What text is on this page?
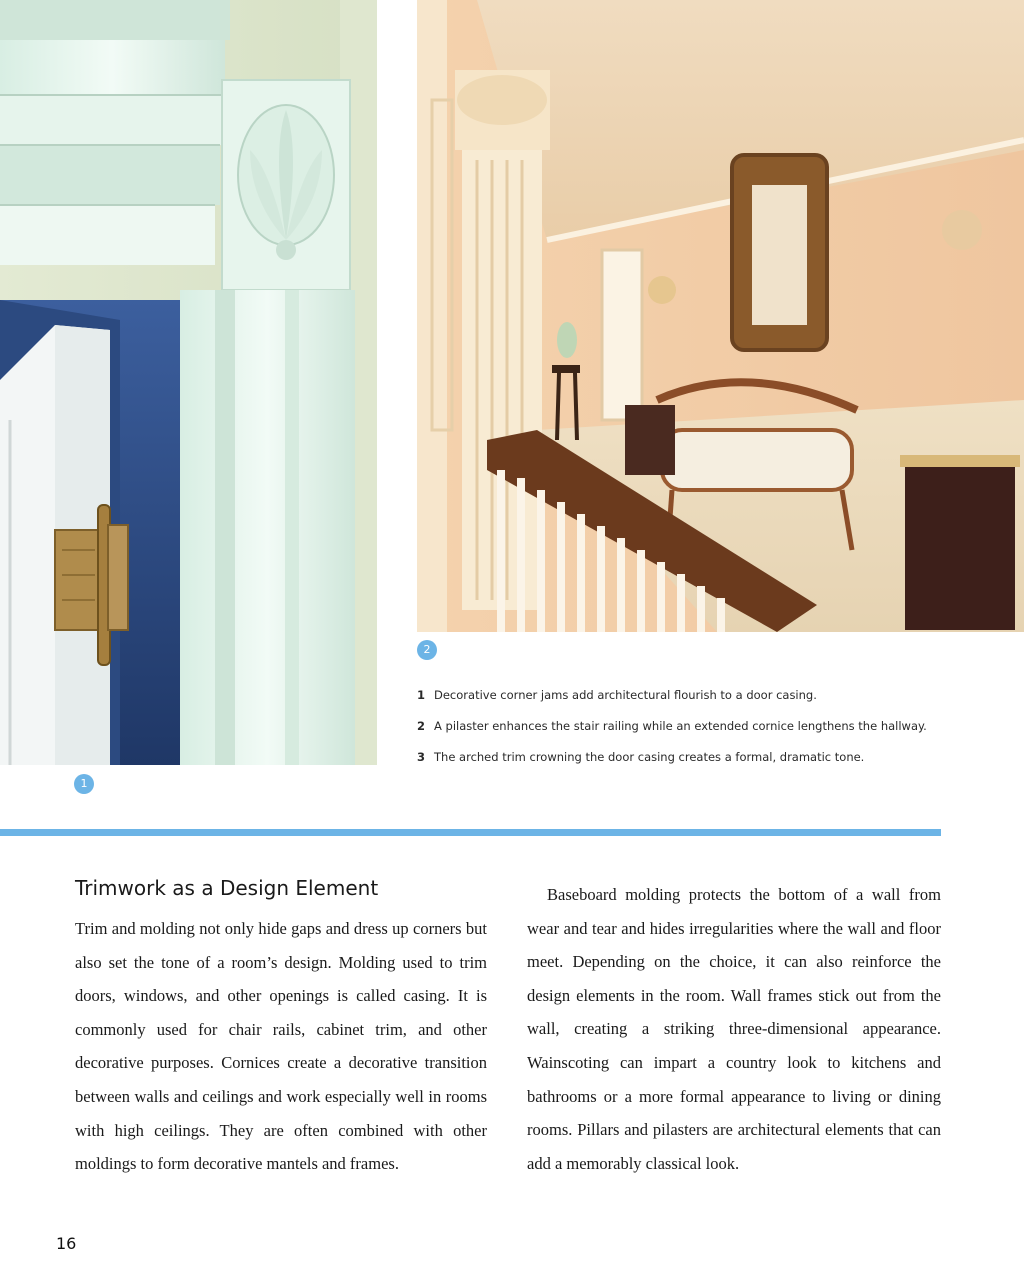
1
2
1 Decorative corner jams add architectural flourish to a door casing.
2 A pilaster enhances the stair railing while an extended cornice lengthens the hallway.
3 The arched trim crowning the door casing creates a formal, dramatic tone.
Trimwork as a Design Element

Trim and molding not only hide gaps and dress up corners but also set the tone of a room’s design. Molding used to trim doors, windows, and other openings is called casing. It is commonly used for chair rails, cabinet trim, and other decorative purposes. Cornices create a decorative transition between walls and ceilings and work especially well in rooms with high ceilings. They are often combined with other moldings to form decorative mantels and frames.

Baseboard molding protects the bottom of a wall from wear and tear and hides irregularities where the wall and floor meet. Depending on the choice, it can also reinforce the design elements in the room. Wall frames stick out from the wall, creating a striking three-dimensional appearance. Wainscoting can impart a country look to kitchens and bathrooms or a more formal appearance to living or dining rooms. Pillars and pilasters are architectural elements that can add a memorably classical look.

16
